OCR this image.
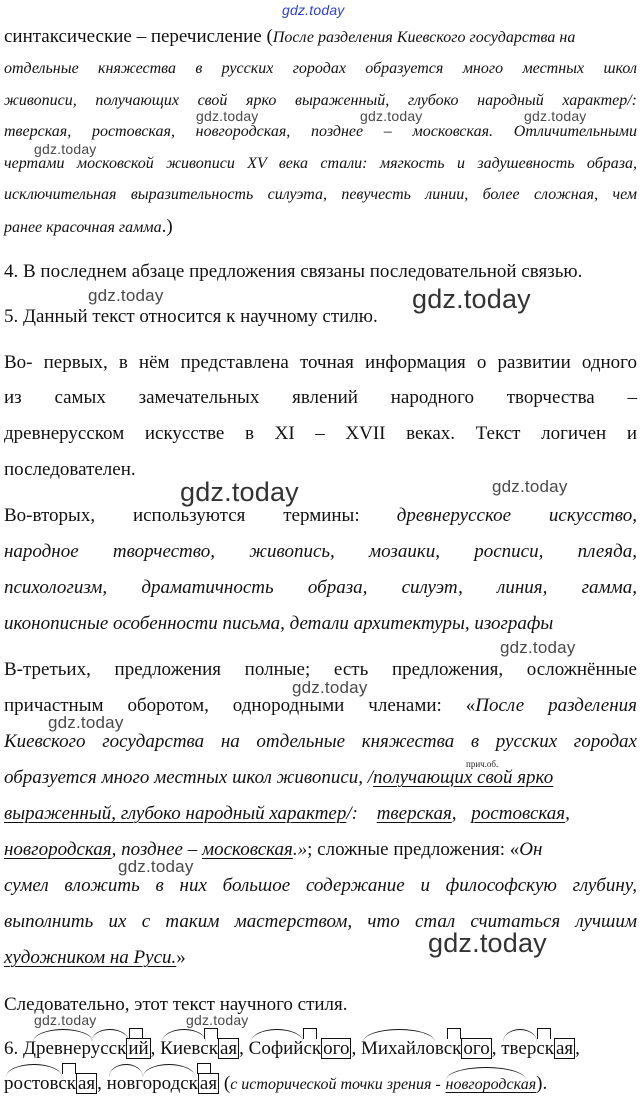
gdz.today
gdz.today	gdz.today	gdz.today
gdz.today
gdz.today	gdz.today
gdz.today	gdz.today
gdz.today
gdz.today
gdz.today
gdz.today
gdz.today
gdz.today	gdz.today
синтаксические – перечисление (После разделения Киевского государства на
отдельные княжества в русских городах образуется много местных школ
живописи, получающих свой ярко выраженный, глубоко народный характер/:
тверская, ростовская, новгородская, позднее – московская. Отличительными
чертами московской живописи XV века стали: мягкость и задушевность образа,
исключительная выразительность силуэта, певучесть линии, более сложная, чем
ранее красочная гамма.)
4. В последнем абзаце предложения связаны последовательной связью.
5. Данный текст относится к научному стилю.
Во- первых, в нём представлена точная информация о развитии одного
из самых замечательных явлений народного творчества –
древнерусском искусстве в XI – XVII веках. Текст логичен и
последователен.
Во-вторых, используются термины: древнерусское искусство,
народное творчество, живопись, мозаики, росписи, плеяда,
психологизм, драматичность образа, силуэт, линия, гамма,
иконописные особенности письма, детали архитектуры, изографы
В-третьих, предложения полные; есть предложения, осложнённые
причастным оборотом, однородными членами: «После разделения
Киевского государства на отдельные княжества в русских городах
прич.об.
образуется много местных школ живописи, /получающих свой ярко
выраженный, глубоко народный характер/: тверская, ростовская,
новгородская, позднее – московская.»; сложные предложения: «Он
сумел вложить в них большое содержание и философскую глубину,
выполнить их с таким мастерством, что стал считаться лучшим
художником на Руси.»
Следовательно, этот текст научного стиля.
6. Древнерусск ий , Киевск ая , Софийск ого , Михайловск ого , тверск ая ,
ростовск ая , новгородск ая (с исторической точки зрения - новгородская).
